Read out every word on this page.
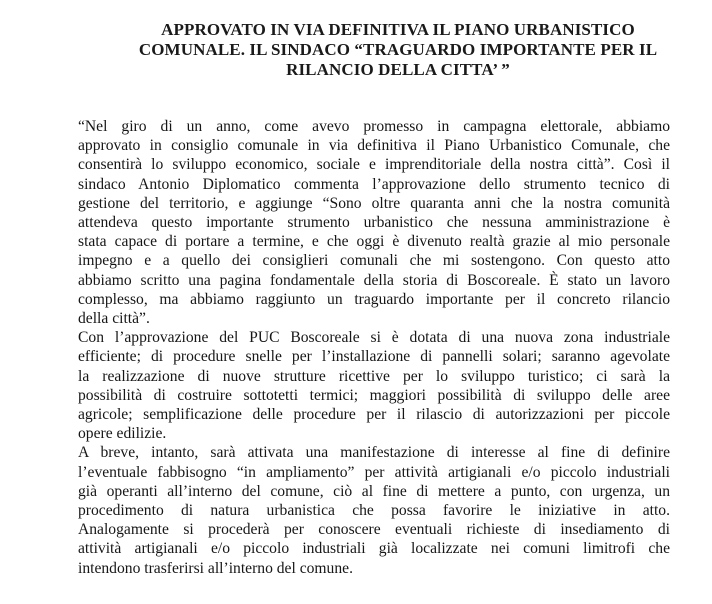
APPROVATO IN VIA DEFINITIVA IL PIANO URBANISTICO
COMUNALE. IL SINDACO “TRAGUARDO IMPORTANTE PER IL
RILANCIO DELLA CITTA’ ”

“Nel giro di un anno, come avevo promesso in campagna elettorale, abbiamo
approvato in consiglio comunale in via definitiva il Piano Urbanistico Comunale, che
consentirà lo sviluppo economico, sociale e imprenditoriale della nostra città”. Così il
sindaco Antonio Diplomatico commenta l’approvazione dello strumento tecnico di
gestione del territorio, e aggiunge “Sono oltre quaranta anni che la nostra comunità
attendeva questo importante strumento urbanistico che nessuna amministrazione è
stata capace di portare a termine, e che oggi è divenuto realtà grazie al mio personale
impegno e a quello dei consiglieri comunali che mi sostengono. Con questo atto
abbiamo scritto una pagina fondamentale della storia di Boscoreale. È stato un lavoro
complesso, ma abbiamo raggiunto un traguardo importante per il concreto rilancio
della città”.

Con l’approvazione del PUC Boscoreale si è dotata di una nuova zona industriale
efficiente; di procedure snelle per l’installazione di pannelli solari; saranno agevolate
la realizzazione di nuove strutture ricettive per lo sviluppo turistico; ci sarà la
possibilità di costruire sottotetti termici; maggiori possibilità di sviluppo delle aree
agricole; semplificazione delle procedure per il rilascio di autorizzazioni per piccole
opere edilizie.

A breve, intanto, sarà attivata una manifestazione di interesse al fine di definire
l’eventuale fabbisogno “in ampliamento” per attività artigianali e/o piccolo industriali
già operanti all’interno del comune, ciò al fine di mettere a punto, con urgenza, un
procedimento di natura urbanistica che possa favorire le iniziative in atto.
Analogamente si procederà per conoscere eventuali richieste di insediamento di
attività artigianali e/o piccolo industriali già localizzate nei comuni limitrofi che
intendono trasferirsi all’interno del comune.
